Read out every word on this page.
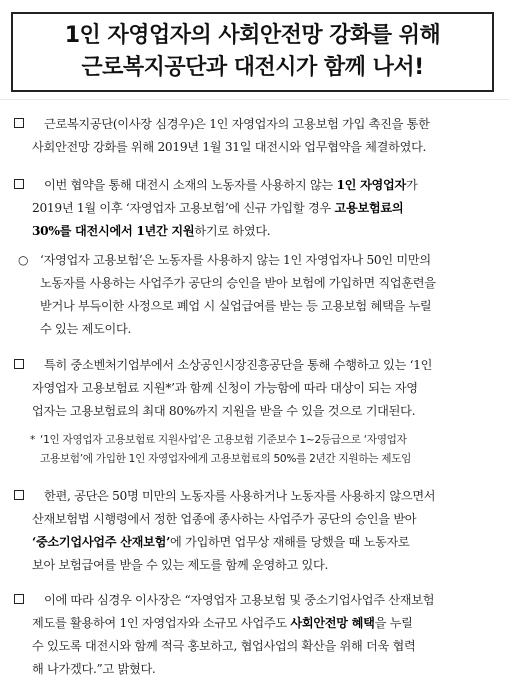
1인 자영업자의 사회안전망 강화를 위해
근로복지공단과 대전시가 함께 나서!
근로복지공단(이사장 심경우)은 1인 자영업자의 고용보험 가입 촉진을 통한
사회안전망 강화를 위해 2019년 1월 31일 대전시와 업무협약을 체결하였다.
이번 협약을 통해 대전시 소재의 노동자를 사용하지 않는 1인 자영업자가
2019년 1월 이후 ‘자영업자 고용보험’에 신규 가입할 경우 고용보험료의
30%를 대전시에서 1년간 지원하기로 하였다.
○ ‘자영업자 고용보험’은 노동자를 사용하지 않는 1인 자영업자나 50인 미만의
노동자를 사용하는 사업주가 공단의 승인을 받아 보험에 가입하면 직업훈련을
받거나 부득이한 사정으로 폐업 시 실업급여를 받는 등 고용보험 혜택을 누릴
수 있는 제도이다.
특히 중소벤처기업부에서 소상공인시장진흥공단을 통해 수행하고 있는 ‘1인
자영업자 고용보험료 지원*’과 함께 신청이 가능함에 따라 대상이 되는 자영
업자는 고용보험료의 최대 80%까지 지원을 받을 수 있을 것으로 기대된다.
* ‘1인 자영업자 고용보험료 지원사업’은 고용보험 기준보수 1~2등급으로 ‘자영업자
고용보험’에 가입한 1인 자영업자에게 고용보험료의 50%를 2년간 지원하는 제도임
한편, 공단은 50명 미만의 노동자를 사용하거나 노동자를 사용하지 않으면서
산재보험법 시행령에서 정한 업종에 종사하는 사업주가 공단의 승인을 받아
‘중소기업사업주 산재보험’에 가입하면 업무상 재해를 당했을 때 노동자로
보아 보험급여를 받을 수 있는 제도를 함께 운영하고 있다.
이에 따라 심경우 이사장은 “자영업자 고용보험 및 중소기업사업주 산재보험
제도를 활용하여 1인 자영업자와 소규모 사업주도 사회안전망 혜택을 누릴
수 있도록 대전시와 함께 적극 홍보하고, 협업사업의 확산을 위해 더욱 협력
해 나가겠다.”고 밝혔다.
